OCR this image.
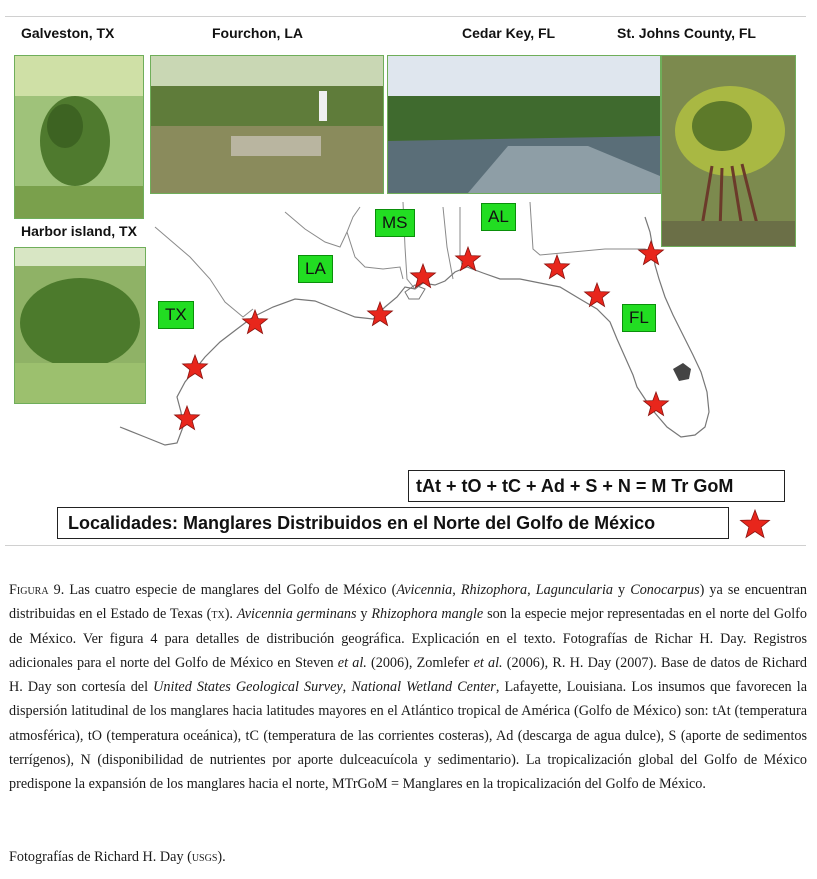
Galveston, TX	Fourchon, LA	Cedar Key, FL	St. Johns County, FL
Harbor island, TX
TX
LA
MS	AL
FL
tAt + tO + tC + Ad + S + N = M Tr GoM
Localidades: Manglares Distribuidos en el Norte del Golfo de México
Figura 9. Las cuatro especie de manglares del Golfo de México (Avicennia, Rhizophora, Laguncularia y Conocarpus) ya se encuentran distribuidas en el Estado de Texas (tx). Avicennia germinans y Rhizophora mangle son la especie mejor representadas en el norte del Golfo de México. Ver figura 4 para detalles de distribución geográfica. Explicación en el texto. Fotografías de Richar H. Day. Registros adicionales para el norte del Golfo de México en Steven et al. (2006), Zomlefer et al. (2006), R. H. Day (2007). Base de datos de Richard H. Day son cortesía del United States Geological Survey, National Wetland Center, Lafayette, Louisiana. Los insumos que favorecen la dispersión latitudinal de los manglares hacia latitudes mayores en el Atlántico tropical de América (Golfo de México) son: tAt (temperatura atmosférica), tO (temperatura oceánica), tC (temperatura de las corrientes costeras), Ad (descarga de agua dulce), S (aporte de sedimentos terrígenos), N (disponibilidad de nutrientes por aporte dulceacuícola y sedimentario). La tropicalización global del Golfo de México predispone la expansión de los manglares hacia el norte, MTrGoM = Manglares en la tropicalización del Golfo de México.
Fotografías de Richard H. Day (usgs).
